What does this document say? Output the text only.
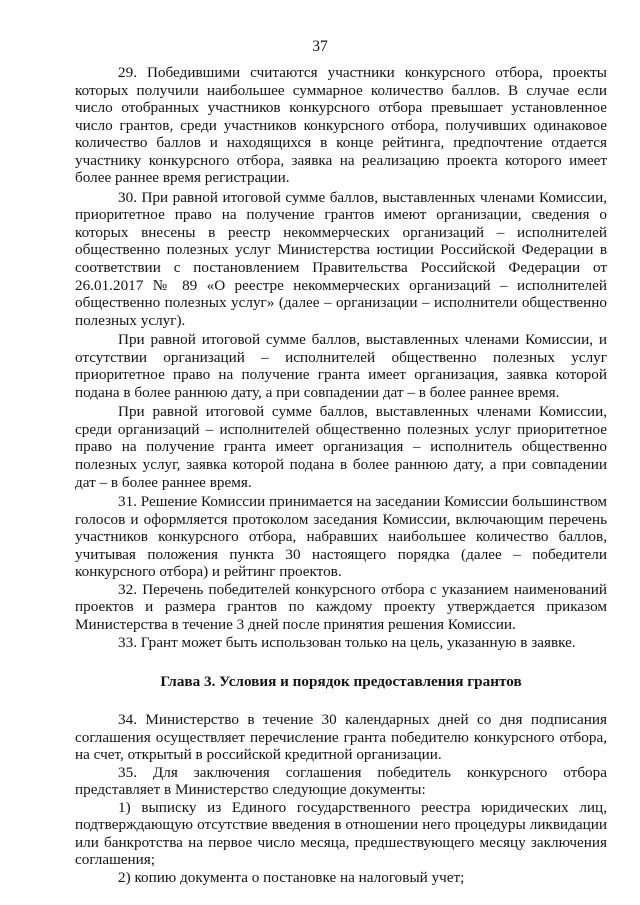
37

29. Победившими считаются участники конкурсного отбора, проекты которых получили наибольшее суммарное количество баллов. В случае если число отобранных участников конкурсного отбора превышает установленное число грантов, среди участников конкурсного отбора, получивших одинаковое количество баллов и находящихся в конце рейтинга, предпочтение отдается участнику конкурсного отбора, заявка на реализацию проекта которого имеет более раннее время регистрации.

30. При равной итоговой сумме баллов, выставленных членами Комиссии, приоритетное право на получение грантов имеют организации, сведения о которых внесены в реестр некоммерческих организаций – исполнителей общественно полезных услуг Министерства юстиции Российской Федерации в соответствии с постановлением Правительства Российской Федерации от 26.01.2017 № 89 «О реестре некоммерческих организаций – исполнителей общественно полезных услуг» (далее – организации – исполнители общественно полезных услуг).

При равной итоговой сумме баллов, выставленных членами Комиссии, и отсутствии организаций – исполнителей общественно полезных услуг приоритетное право на получение гранта имеет организация, заявка которой подана в более раннюю дату, а при совпадении дат – в более раннее время.

При равной итоговой сумме баллов, выставленных членами Комиссии, среди организаций – исполнителей общественно полезных услуг приоритетное право на получение гранта имеет организация – исполнитель общественно полезных услуг, заявка которой подана в более раннюю дату, а при совпадении дат – в более раннее время.

31. Решение Комиссии принимается на заседании Комиссии большинством голосов и оформляется протоколом заседания Комиссии, включающим перечень участников конкурсного отбора, набравших наибольшее количество баллов, учитывая положения пункта 30 настоящего порядка (далее – победители конкурсного отбора) и рейтинг проектов.

32. Перечень победителей конкурсного отбора с указанием наименований проектов и размера грантов по каждому проекту утверждается приказом Министерства в течение 3 дней после принятия решения Комиссии.

33. Грант может быть использован только на цель, указанную в заявке.

Глава 3. Условия и порядок предоставления грантов

34. Министерство в течение 30 календарных дней со дня подписания соглашения осуществляет перечисление гранта победителю конкурсного отбора, на счет, открытый в российской кредитной организации.

35. Для заключения соглашения победитель конкурсного отбора представляет в Министерство следующие документы:

1) выписку из Единого государственного реестра юридических лиц, подтверждающую отсутствие введения в отношении него процедуры ликвидации или банкротства на первое число месяца, предшествующего месяцу заключения соглашения;

2) копию документа о постановке на налоговый учет;
